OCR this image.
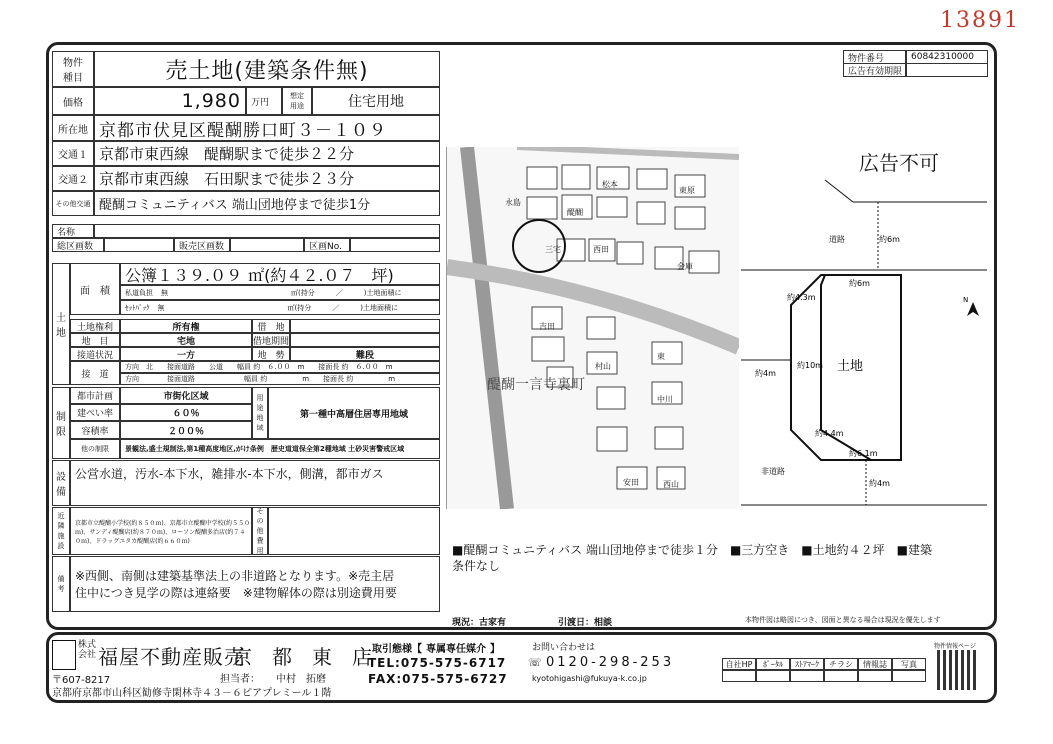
13891
物件番号	60842310000
広告有効期限
物件
種目	売土地(建築条件無)
価格	1,980	万円
想定
用途	住宅用地
所在地 京都市伏見区醍醐勝口町３－１０９
交通１ 京都市東西線　醍醐駅まで徒歩２２分
交通２ 京都市東西線　石田駅まで徒歩２３分
その他交通 醍醐コミュニティバス 端山団地停まで徒歩1分
名称
総区画数	販売区画数	区画No.
土
地
面　積
公簿１３９.０９ ㎡(約４２.０７ 坪)
私道負担 無	㎡(持分　　　／　　　)土地面積に
ｾｯﾄﾊﾞｯｸ 無	㎡(持分　　　／　　　)土地面積に
土地権利	所有権	借　地
地　目	宅地	借地期間
接道状況	一方	地　勢	難段
接　道
方向　北　　接面道路　　公道　　幅員 約　６.００　m　　接面長 約　６.００　m
方向　　　　接面道路　　　　　　　幅員 約　　　　　m　　接面長 約　　　　　m
制
限
都市計画	市街化区域	用途地域
第一種中高層住居専用地域
建ぺい率	６０％
容積率	２００％
他の制限	景観法,盛土規制法,第1種高度地区,がけ条例　歴史道道保全第2種地域 土砂災害警戒区域
設
備
公営水道，汚水-本下水，雑排水-本下水，側溝，都市ガス
近
隣
施
設
京都市立醍醐小学校(約８５０ｍ)、京都市立醍醐中学校(約５５０
ｍ)、サンディ醍醐店(約８７０ｍ)、ローソン醍醐多治店(約７４
０ｍ)、ドラッグユタカ醍醐店(約６６０ｍ)
その他費用
備
考
※西側、南側は建築基準法上の非道路となります。※売主居
住中につき見学の際は連絡要　※建物解体の際は別途費用要
醍醐一言寺裏町
永島
三宅	西田
東
松本
吉田
東原
醍醐
村山
西山
安田
中川
金庫
広告不可
道路	約6m
約6m
約4.3m
約10m 土地
約4.4m
約6.1m
約4m
非道路
約4m
N
■醍醐コミュニティバス 端山団地停まで徒歩１分　■三方空き　■土地約４２坪　■建築
条件なし
現況：古家有	引渡日：相談	本物件図は略図につき、図面と異なる場合は現況を優先します
株式
会社 福屋不動産販売
京　都　東　店
〒607-8217
京都府京都市山科区勧修寺閑林寺４３－６ピアプレミール１階
担当者： 中村　拓磨
取引態様【 専属専任媒介 】	お問い合わせは
TEL:075-575-6717 ☏ 0120-298-253
FAX:075-575-6727	kyotohigashi@fukuya-k.co.jp
自社HP	ﾎﾟｰﾀﾙ	ｽﾄｱﾏｰｸ	チラシ	情報誌	写真
物件情報ページ
